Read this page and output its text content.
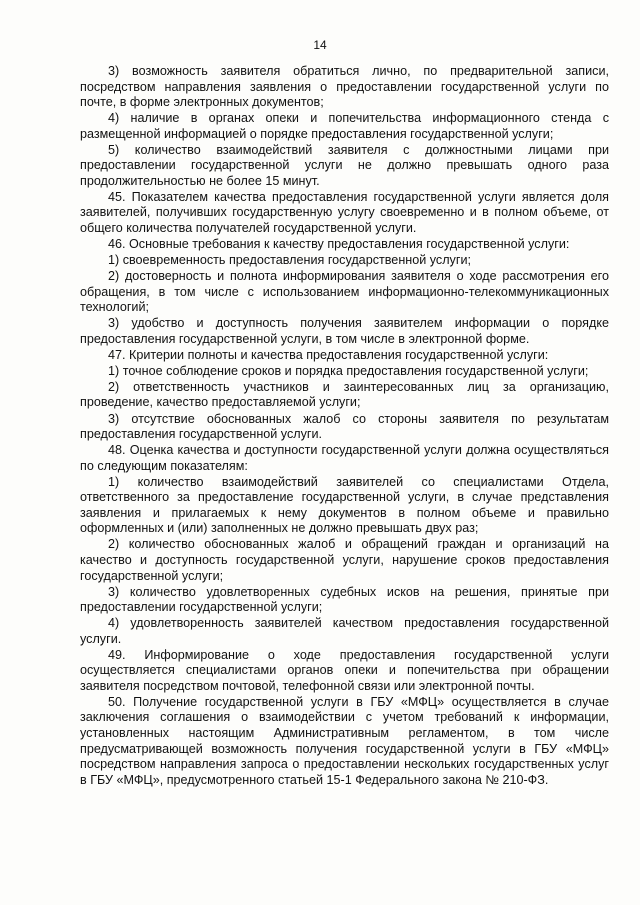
14

3) возможность заявителя обратиться лично, по предварительной записи, посредством направления заявления о предоставлении государственной услуги по почте, в форме электронных документов;

4) наличие в органах опеки и попечительства информационного стенда с размещенной информацией о порядке предоставления государственной услуги;

5) количество взаимодействий заявителя с должностными лицами при предоставлении государственной услуги не должно превышать одного раза продолжительностью не более 15 минут.

45. Показателем качества предоставления государственной услуги является доля заявителей, получивших государственную услугу своевременно и в полном объеме, от общего количества получателей государственной услуги.

46. Основные требования к качеству предоставления государственной услуги:

1) своевременность предоставления государственной услуги;

2) достоверность и полнота информирования заявителя о ходе рассмотрения его обращения, в том числе с использованием информационно-телекоммуникационных технологий;

3) удобство и доступность получения заявителем информации о порядке предоставления государственной услуги, в том числе в электронной форме.

47. Критерии полноты и качества предоставления государственной услуги:

1) точное соблюдение сроков и порядка предоставления государственной услуги;

2) ответственность участников и заинтересованных лиц за организацию, проведение, качество предоставляемой услуги;

3) отсутствие обоснованных жалоб со стороны заявителя по результатам предоставления государственной услуги.

48. Оценка качества и доступности государственной услуги должна осуществляться по следующим показателям:

1) количество взаимодействий заявителей со специалистами Отдела, ответственного за предоставление государственной услуги, в случае представления заявления и прилагаемых к нему документов в полном объеме и правильно оформленных и (или) заполненных не должно превышать двух раз;

2) количество обоснованных жалоб и обращений граждан и организаций на качество и доступность государственной услуги, нарушение сроков предоставления государственной услуги;

3) количество удовлетворенных судебных исков на решения, принятые при предоставлении государственной услуги;

4) удовлетворенность заявителей качеством предоставления государственной услуги.

49. Информирование о ходе предоставления государственной услуги осуществляется специалистами органов опеки и попечительства при обращении заявителя посредством почтовой, телефонной связи или электронной почты.

50. Получение государственной услуги в ГБУ «МФЦ» осуществляется в случае заключения соглашения о взаимодействии с учетом требований к информации, установленных настоящим Административным регламентом, в том числе предусматривающей возможность получения государственной услуги в ГБУ «МФЦ» посредством направления запроса о предоставлении нескольких государственных услуг в ГБУ «МФЦ», предусмотренного статьей 15-1 Федерального закона № 210-ФЗ.
